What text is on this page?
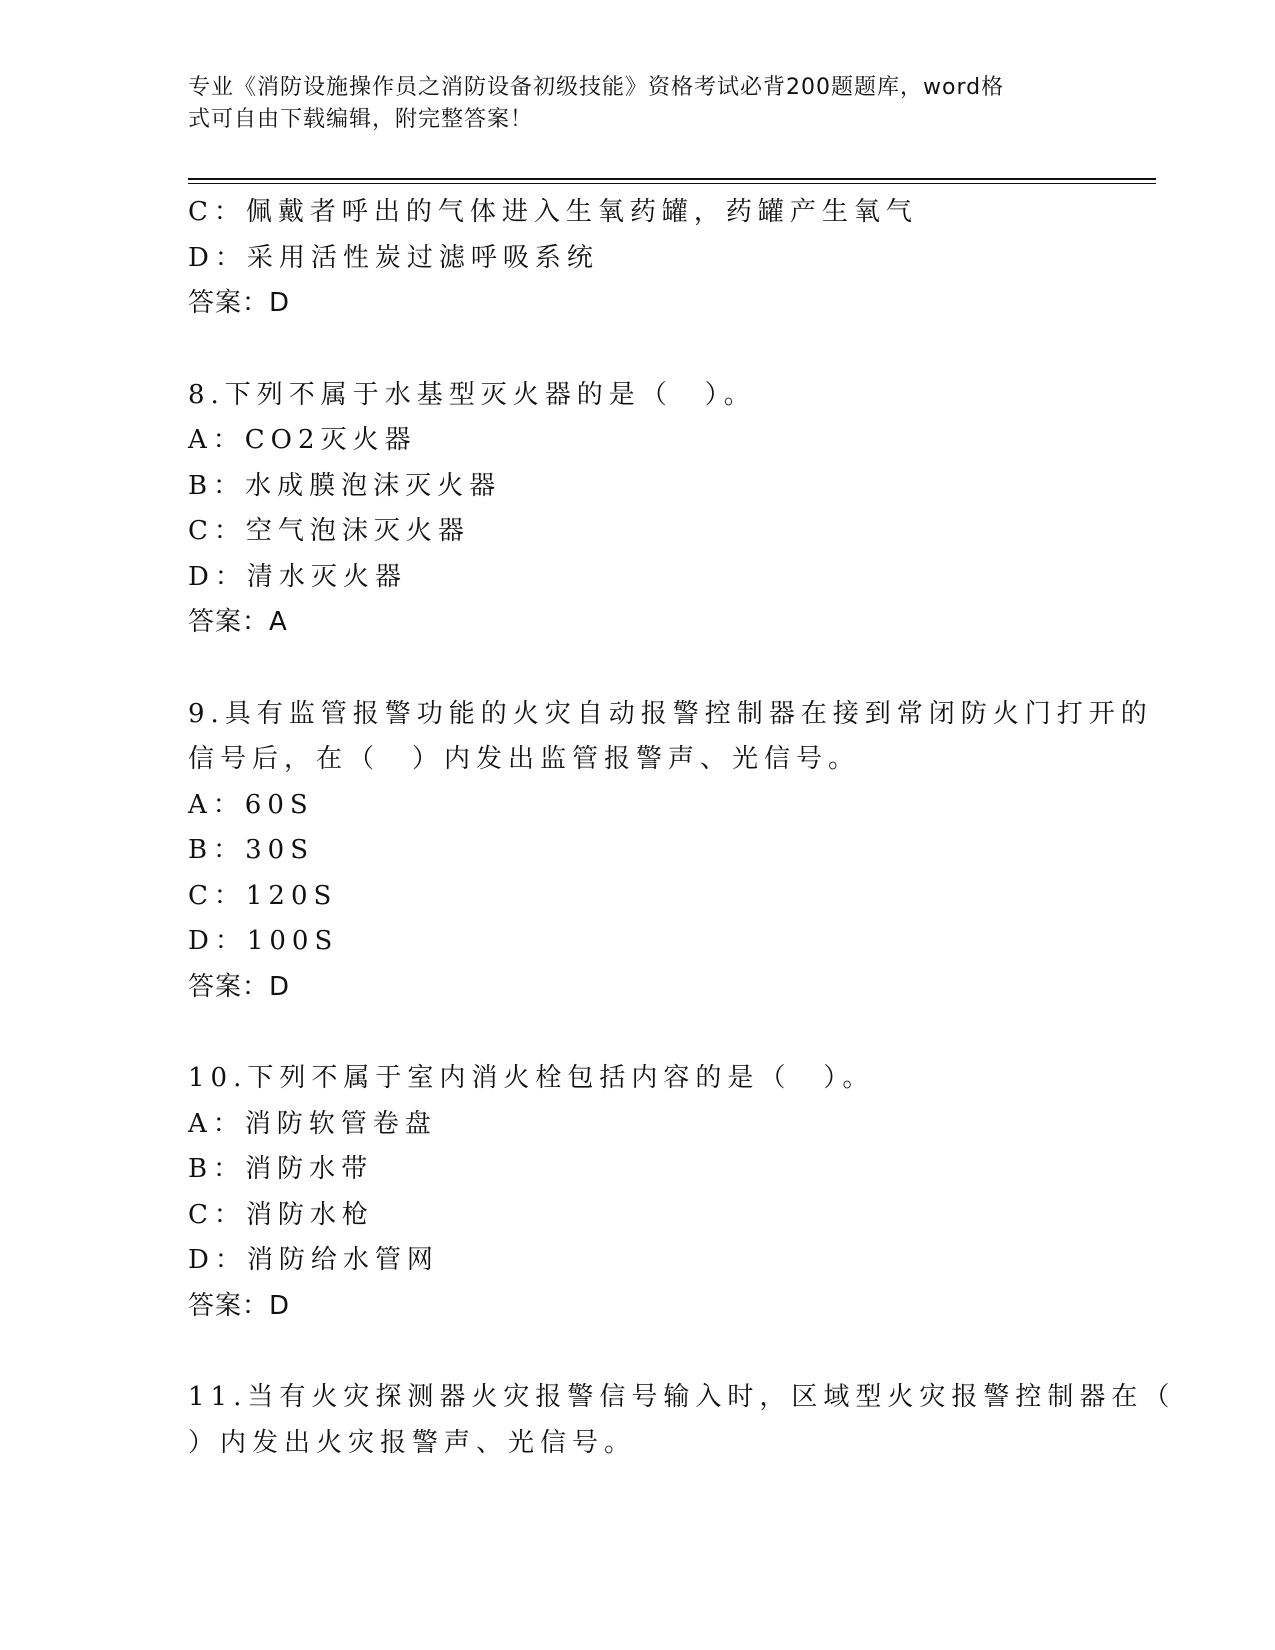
专业《消防设施操作员之消防设备初级技能》资格考试必背200题题库，word格
式可自由下载编辑，附完整答案！
C：佩戴者呼出的气体进入生氧药罐，药罐产生氧气
D：采用活性炭过滤呼吸系统
答案：D
8.下列不属于水基型灭火器的是（　）。
A：CO2灭火器
B：水成膜泡沫灭火器
C：空气泡沫灭火器
D：清水灭火器
答案：A
9.具有监管报警功能的火灾自动报警控制器在接到常闭防火门打开的
信号后，在（　）内发出监管报警声、光信号。
A：60S
B：30S
C：120S
D：100S
答案：D
10.下列不属于室内消火栓包括内容的是（　）。
A：消防软管卷盘
B：消防水带
C：消防水枪
D：消防给水管网
答案：D
11.当有火灾探测器火灾报警信号输入时，区域型火灾报警控制器在（
）内发出火灾报警声、光信号。
